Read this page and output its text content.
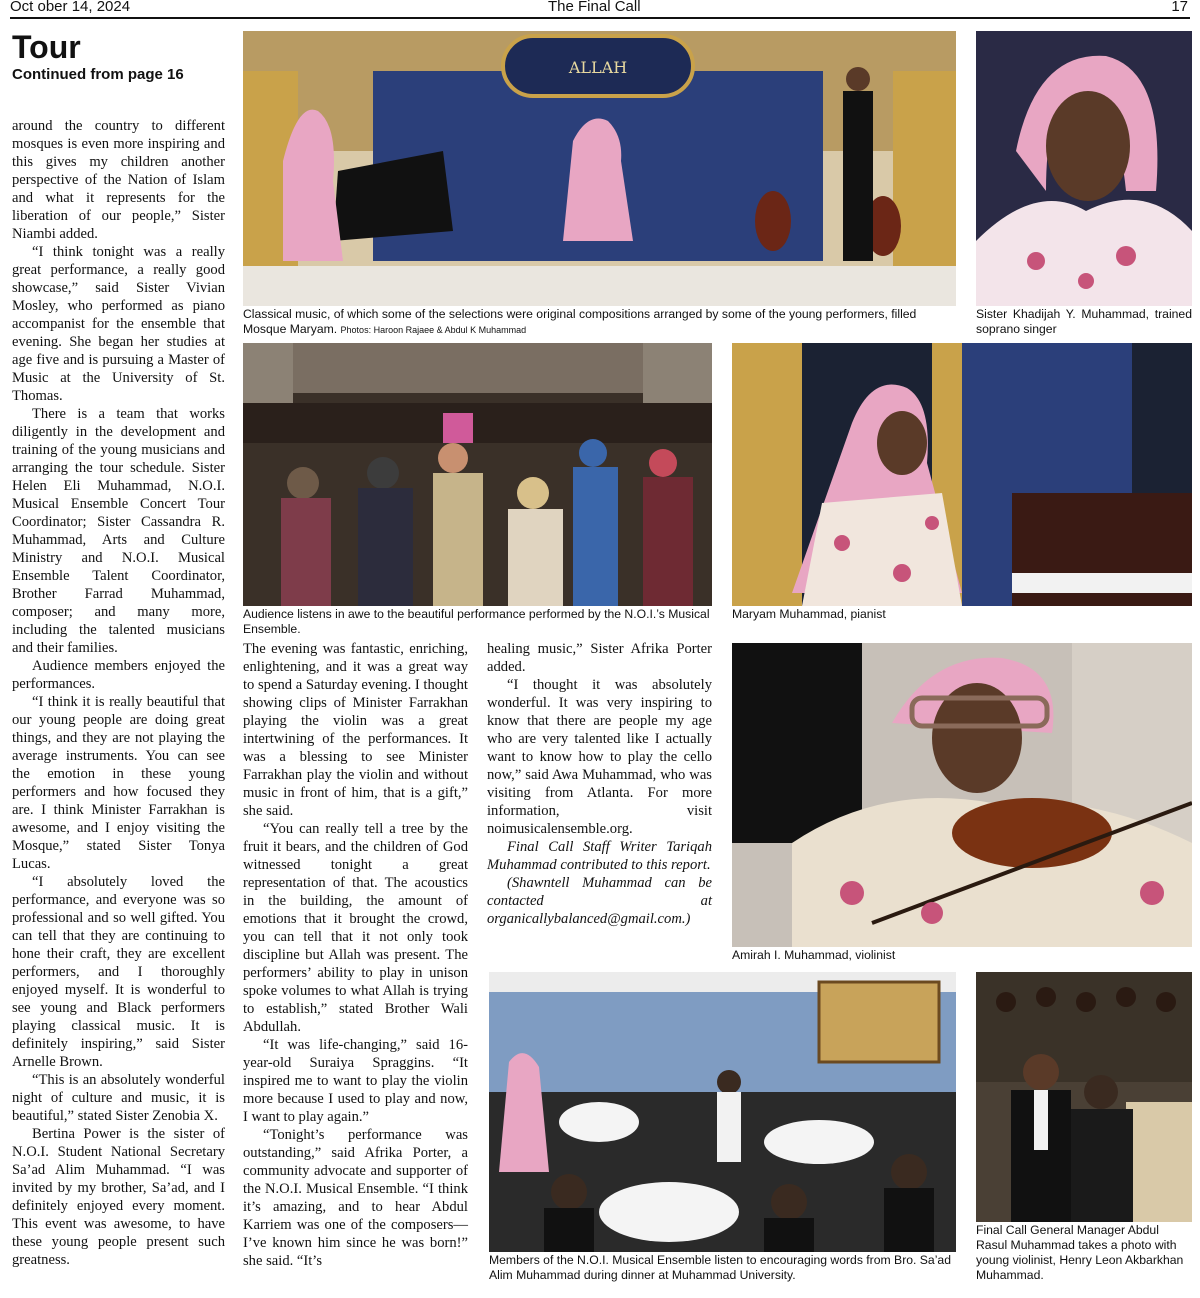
Oct ober 14, 2024	The Final Call	17
Tour

Continued from page 16

around the country to different mosques is even more inspiring and this gives my children another perspective of the Nation of Islam and what it represents for the liberation of our people,” Sister Niambi added.

“I think tonight was a really great performance, a really good showcase,” said Sister Vivian Mosley, who performed as piano accompanist for the ensemble that evening. She began her studies at age five and is pursuing a Master of Music at the University of St. Thomas.

There is a team that works diligently in the development and training of the young musicians and arranging the tour schedule. Sister Helen Eli Muhammad, N.O.I. Musical Ensemble Concert Tour Coordinator; Sister Cassandra R. Muhammad, Arts and Culture Ministry and N.O.I. Musical Ensemble Talent Coordinator, Brother Farrad Muhammad, composer; and many more, including the talented musicians and their families.

Audience members enjoyed the performances.

“I think it is really beautiful that our young people are doing great things, and they are not playing the average instruments. You can see the emotion in these young performers and how focused they are. I think Minister Farrakhan is awesome, and I enjoy visiting the Mosque,” stated Sister Tonya Lucas.

“I absolutely loved the performance, and everyone was so professional and so well gifted. You can tell that they are continuing to hone their craft, they are excellent performers, and I thoroughly enjoyed myself. It is wonderful to see young and Black performers playing classical music. It is definitely inspiring,” said Sister Arnelle Brown.

“This is an absolutely wonderful night of culture and music, it is beautiful,” stated Sister Zenobia X.

Bertina Power is the sister of N.O.I. Student National Secretary Sa’ad Alim Muhammad. “I was invited by my brother, Sa’ad, and I definitely enjoyed every moment. This event was awesome, to have these young people present such greatness.

The evening was fantastic, enriching, enlightening, and it was a great way to spend a Saturday evening. I thought showing clips of Minister Farrakhan playing the violin was a great intertwining of the performances. It was a blessing to see Minister Farrakhan play the violin and without music in front of him, that is a gift,” she said.

“You can really tell a tree by the fruit it bears, and the children of God witnessed tonight a great representation of that. The acoustics in the building, the amount of emotions that it brought the crowd, you can tell that it not only took discipline but Allah was present. The performers’ ability to play in unison spoke volumes to what Allah is trying to establish,” stated Brother Wali Abdullah.

“It was life-changing,” said 16-year-old Suraiya Spraggins. “It inspired me to want to play the violin more because I used to play and now, I want to play again.”

“Tonight’s performance was outstanding,” said Afrika Porter, a community advocate and supporter of the N.O.I. Musical Ensemble. “I think it’s amazing, and to hear Abdul Karriem was one of the composers—I’ve known him since he was born!” she said. “It’s

healing music,” Sister Afrika Porter added.

“I thought it was absolutely wonderful. It was very inspiring to know that there are people my age who are very talented like I actually want to know how to play the cello now,” said Awa Muhammad, who was visiting from Atlanta. For more information, visit noimusicalensemble.org.

Final Call Staff Writer Tariqah Muhammad contributed to this report.

(Shawntell Muhammad can be contacted at organicallybalanced@gmail.com.)

ALLAH

Classical music, of which some of the selections were original compositions arranged by some of the young performers, filled Mosque Maryam. Photos: Haroon Rajaee & Abdul K Muhammad

Sister Khadijah Y. Muhammad, trained soprano singer

Audience listens in awe to the beautiful performance performed by the N.O.I.’s Musical Ensemble.

Maryam Muhammad, pianist

Amirah I. Muhammad, violinist

Members of the N.O.I. Musical Ensemble listen to encouraging words from Bro. Sa’ad Alim Muhammad during dinner at Muhammad University.

Final Call General Manager Abdul Rasul Muhammad takes a photo with young violinist, Henry Leon Akbarkhan Muhammad.
